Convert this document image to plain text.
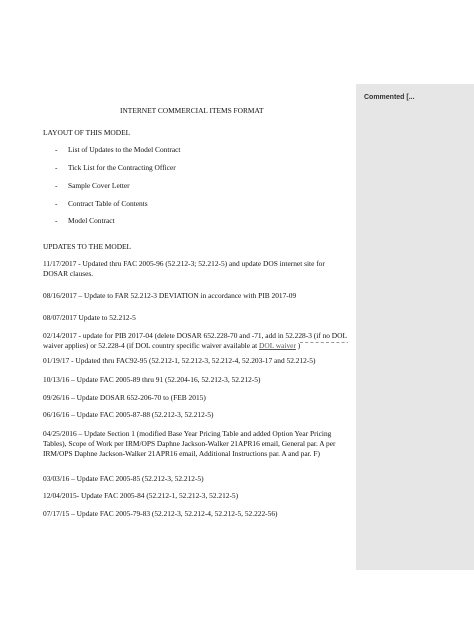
INTERNET COMMERCIAL ITEMS FORMAT
LAYOUT OF THIS MODEL
- List of Updates to the Model Contract
- Tick List for the Contracting Officer
- Sample Cover Letter
- Contract Table of Contents
- Model Contract
UPDATES TO THE MODEL
11/17/2017 - Updated thru FAC 2005-96 (52.212-3; 52.212-5) and update DOS internet site for DOSAR clauses.
08/16/2017 – Update to FAR 52.212-3 DEVIATION in accordance with PIB 2017-09
08/07/2017 Update to 52.212-5
02/14/2017 - update for PIB 2017-04 (delete DOSAR 652.228-70 and -71, add in 52.228-3 (if no DOL waiver applies) or 52.228-4 (if DOL country specific waiver available at DOL waiver )
01/19/17 - Updated thru FAC92-95 (52.212-1, 52.212-3, 52.212-4, 52.203-17 and 52.212-5)
10/13/16 – Update FAC 2005-89 thru 91 (52.204-16, 52.212-3, 52.212-5)
09/26/16 – Update DOSAR 652-206-70 to (FEB 2015)
06/16/16 – Update FAC 2005-87-88 (52.212-3, 52.212-5)
04/25/2016 – Update Section 1 (modified Base Year Pricing Table and added Option Year Pricing Tables), Scope of Work per IRM/OPS Daphne Jackson-Walker 21APR16 email, General par. A per IRM/OPS Daphne Jackson-Walker 21APR16 email, Additional Instructions par. A and par. F)
03/03/16 – Update FAC 2005-85 (52.212-3, 52.212-5)
12/04/2015- Update FAC 2005-84 (52.212-1, 52.212-3, 52.212-5)
07/17/15 – Update FAC 2005-79-83 (52.212-3, 52.212-4, 52.212-5, 52.222-56)
Commented [...
